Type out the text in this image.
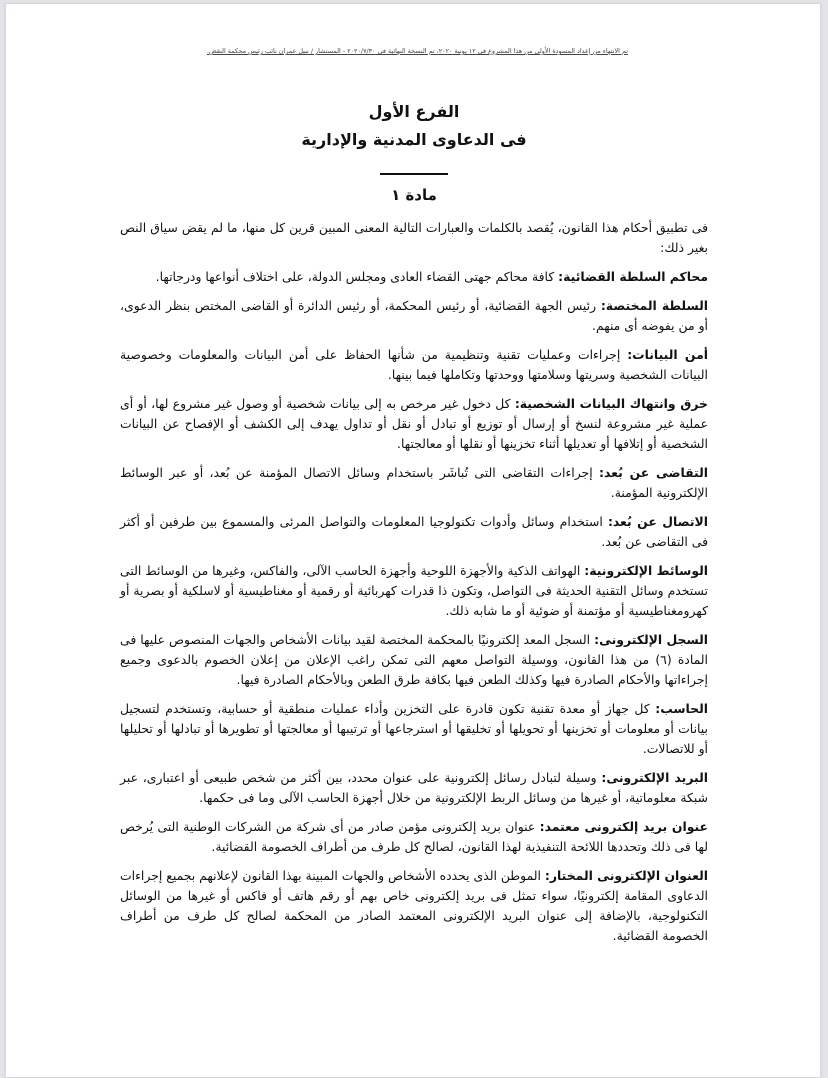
تم الانتهاء من إعداد المسودة الأولى من هذا المشروع فى ١٢ يونية ٢٠٢٠، تم النسخة النهائية فى ٢٠٢٠/٧/٣٠ - المستشار / نبيل عمران نائب رئيس محكمة النقض.
الفرع الأول
فى الدعاوى المدنية والإدارية
مادة ١

فى تطبيق أحكام هذا القانون، يُقصد بالكلمات والعبارات التالية المعنى المبين قرين كل منها، ما لم يقض سياق النص بغير ذلك:

محاكم السلطة القضائية: كافة محاكم جهتى القضاء العادى ومجلس الدولة، على اختلاف أنواعها ودرجاتها.

السلطة المختصة: رئيس الجهة القضائية، أو رئيس المحكمة، أو رئيس الدائرة أو القاضى المختص بنظر الدعوى، أو من يفوضه أى منهم.

أمن البيانات: إجراءات وعمليات تقنية وتنظيمية من شأنها الحفاظ على أمن البيانات والمعلومات وخصوصية البيانات الشخصية وسريتها وسلامتها ووحدتها وتكاملها فيما بينها.

خرق وانتهاك البيانات الشخصية: كل دخول غير مرخص به إلى بيانات شخصية أو وصول غير مشروع لها، أو أى عملية غير مشروعة لنسخ أو إرسال أو توزيع أو تبادل أو نقل أو تداول يهدف إلى الكشف أو الإفصاح عن البيانات الشخصية أو إتلافها أو تعديلها أثناء تخزينها أو نقلها أو معالجتها.

التقاضى عن بُعد: إجراءات التقاضى التى تُباشَر باستخدام وسائل الاتصال المؤمنة عن بُعد، أو عبر الوسائط الإلكترونية المؤمنة.

الاتصال عن بُعد: استخدام وسائل وأدوات تكنولوجيا المعلومات والتواصل المرئى والمسموع بين طرفين أو أكثر فى التقاضى عن بُعد.

الوسائط الإلكترونية: الهواتف الذكية والأجهزة اللوحية وأجهزة الحاسب الآلى، والفاكس، وغيرها من الوسائط التى تستخدم وسائل التقنية الحديثة فى التواصل، وتكون ذا قدرات كهربائية أو رقمية أو مغناطيسية أو لاسلكية أو بصرية أو كهرومغناطيسية أو مؤتمنة أو ضوئية أو ما شابه ذلك.

السجل الإلكترونى: السجل المعد إلكترونيًا بالمحكمة المختصة لقيد بيانات الأشخاص والجهات المنصوص عليها فى المادة (٦) من هذا القانون، ووسيلة التواصل معهم التى تمكن راغب الإعلان من إعلان الخصوم بالدعوى وجميع إجراءاتها والأحكام الصادرة فيها وكذلك الطعن فيها بكافة طرق الطعن وبالأحكام الصادرة فيها.

الحاسب: كل جهاز أو معدة تقنية تكون قادرة على التخزين وأداء عمليات منطقية أو حسابية، وتستخدم لتسجيل بيانات أو معلومات أو تخزينها أو تحويلها أو تخليقها أو استرجاعها أو ترتيبها أو معالجتها أو تطويرها أو تبادلها أو تحليلها أو للاتصالات.

البريد الإلكترونى: وسيلة لتبادل رسائل إلكترونية على عنوان محدد، بين أكثر من شخص طبيعى أو اعتبارى، عبر شبكة معلوماتية، أو غيرها من وسائل الربط الإلكترونية من خلال أجهزة الحاسب الآلى وما فى حكمها.

عنوان بريد إلكترونى معتمد: عنوان بريد إلكترونى مؤمن صادر من أى شركة من الشركات الوطنية التى يُرخص لها فى ذلك وتحددها اللائحة التنفيذية لهذا القانون، لصالح كل طرف من أطراف الخصومة القضائية.

العنوان الإلكترونى المختار: الموطن الذى يحدده الأشخاص والجهات المبينة بهذا القانون لإعلانهم بجميع إجراءات الدعاوى المقامة إلكترونيًا، سواء تمثل فى بريد إلكترونى خاص بهم أو رقم هاتف أو فاكس أو غيرها من الوسائل التكنولوجية، بالإضافة إلى عنوان البريد الإلكترونى المعتمد الصادر من المحكمة لصالح كل طرف من أطراف الخصومة القضائية.
